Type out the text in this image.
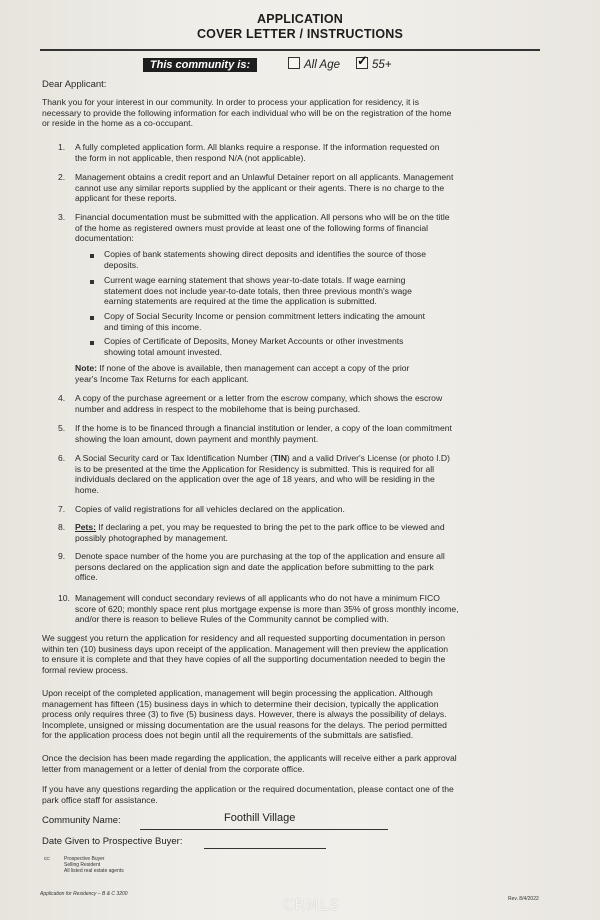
APPLICATION
COVER LETTER / INSTRUCTIONS
This community is:	All Age
✓	55+
Dear Applicant:
Thank you for your interest in our community. In order to process your application for residency, it is
necessary to provide the following information for each individual who will be on the registration of the home
or reside in the home as a co-occupant.
1. A fully completed application form. All blanks require a response. If the information requested on
the form in not applicable, then respond N/A (not applicable).
2. Management obtains a credit report and an Unlawful Detainer report on all applicants. Management
cannot use any similar reports supplied by the applicant or their agents. There is no charge to the
applicant for these reports.
3. Financial documentation must be submitted with the application. All persons who will be on the title
of the home as registered owners must provide at least one of the following forms of financial
documentation:
Copies of bank statements showing direct deposits and identifies the source of those
deposits.
Current wage earning statement that shows year-to-date totals. If wage earning
statement does not include year-to-date totals, then three previous month's wage
earning statements are required at the time the application is submitted.
Copy of Social Security Income or pension commitment letters indicating the amount
and timing of this income.
Copies of Certificate of Deposits, Money Market Accounts or other investments
showing total amount invested.
Note: If none of the above is available, then management can accept a copy of the prior
year's Income Tax Returns for each applicant.
4. A copy of the purchase agreement or a letter from the escrow company, which shows the escrow
number and address in respect to the mobilehome that is being purchased.
5. If the home is to be financed through a financial institution or lender, a copy of the loan commitment
showing the loan amount, down payment and monthly payment.
6. A Social Security card or Tax Identification Number (TIN) and a valid Driver's License (or photo I.D)
is to be presented at the time the Application for Residency is submitted. This is required for all
individuals declared on the application over the age of 18 years, and who will be residing in the
home.
7. Copies of valid registrations for all vehicles declared on the application.
8. Pets: If declaring a pet, you may be requested to bring the pet to the park office to be viewed and
possibly photographed by management.
9. Denote space number of the home you are purchasing at the top of the application and ensure all
persons declared on the application sign and date the application before submitting to the park
office.
10. Management will conduct secondary reviews of all applicants who do not have a minimum FICO
score of 620; monthly space rent plus mortgage expense is more than 35% of gross monthly income,
and/or there is reason to believe Rules of the Community cannot be complied with.
We suggest you return the application for residency and all requested supporting documentation in person
within ten (10) business days upon receipt of the application. Management will then preview the application
to ensure it is complete and that they have copies of all the supporting documentation needed to begin the
formal review process.
Upon receipt of the completed application, management will begin processing the application. Although
management has fifteen (15) business days in which to determine their decision, typically the application
process only requires three (3) to five (5) business days. However, there is always the possibility of delays.
Incomplete, unsigned or missing documentation are the usual reasons for the delays. The period permitted
for the application process does not begin until all the requirements of the submittals are satisfied.
Once the decision has been made regarding the application, the applicants will receive either a park approval
letter from management or a letter of denial from the corporate office.
If you have any questions regarding the application or the required documentation, please contact one of the
park office staff for assistance.
Community Name:	Foothill Village
Date Given to Prospective Buyer:
cc:	Prospective Buyer
Selling Resident
All listed real estate agents
Application for Residency – B & C 3200
Rev. 8/4/2022
CRMLS
